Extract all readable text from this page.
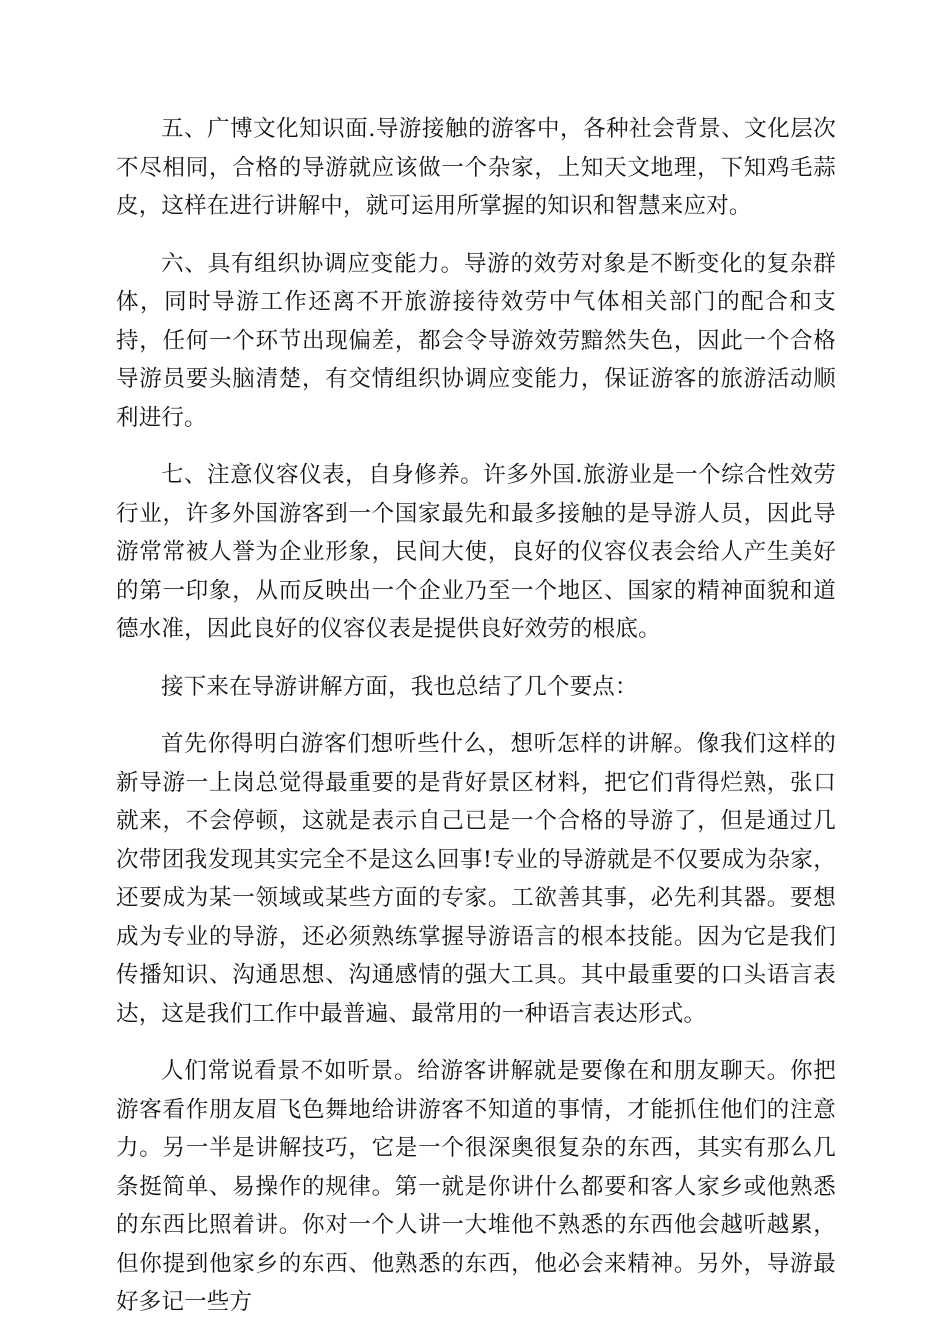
五、广博文化知识面.导游接触的游客中，各种社会背景、文化层次不尽相同，合格的导游就应该做一个杂家，上知天文地理，下知鸡毛蒜皮，这样在进行讲解中，就可运用所掌握的知识和智慧来应对。

六、具有组织协调应变能力。导游的效劳对象是不断变化的复杂群体，同时导游工作还离不开旅游接待效劳中气体相关部门的配合和支持，任何一个环节出现偏差，都会令导游效劳黯然失色，因此一个合格导游员要头脑清楚，有交情组织协调应变能力，保证游客的旅游活动顺利进行。

七、注意仪容仪表，自身修养。许多外国.旅游业是一个综合性效劳行业，许多外国游客到一个国家最先和最多接触的是导游人员，因此导游常常被人誉为企业形象，民间大使，良好的仪容仪表会给人产生美好的第一印象，从而反映出一个企业乃至一个地区、国家的精神面貌和道德水准，因此良好的仪容仪表是提供良好效劳的根底。

接下来在导游讲解方面，我也总结了几个要点：

首先你得明白游客们想听些什么，想听怎样的讲解。像我们这样的新导游一上岗总觉得最重要的是背好景区材料，把它们背得烂熟，张口就来，不会停顿，这就是表示自己已是一个合格的导游了，但是通过几次带团我发现其实完全不是这么回事!专业的导游就是不仅要成为杂家，还要成为某一领域或某些方面的专家。工欲善其事，必先利其器。要想成为专业的导游，还必须熟练掌握导游语言的根本技能。因为它是我们传播知识、沟通思想、沟通感情的强大工具。其中最重要的口头语言表达，这是我们工作中最普遍、最常用的一种语言表达形式。

人们常说看景不如听景。给游客讲解就是要像在和朋友聊天。你把游客看作朋友眉飞色舞地给讲游客不知道的事情，才能抓住他们的注意力。另一半是讲解技巧，它是一个很深奥很复杂的东西，其实有那么几条挺简单、易操作的规律。第一就是你讲什么都要和客人家乡或他熟悉的东西比照着讲。你对一个人讲一大堆他不熟悉的东西他会越听越累，但你提到他家乡的东西、他熟悉的东西，他必会来精神。另外，导游最好多记一些方
